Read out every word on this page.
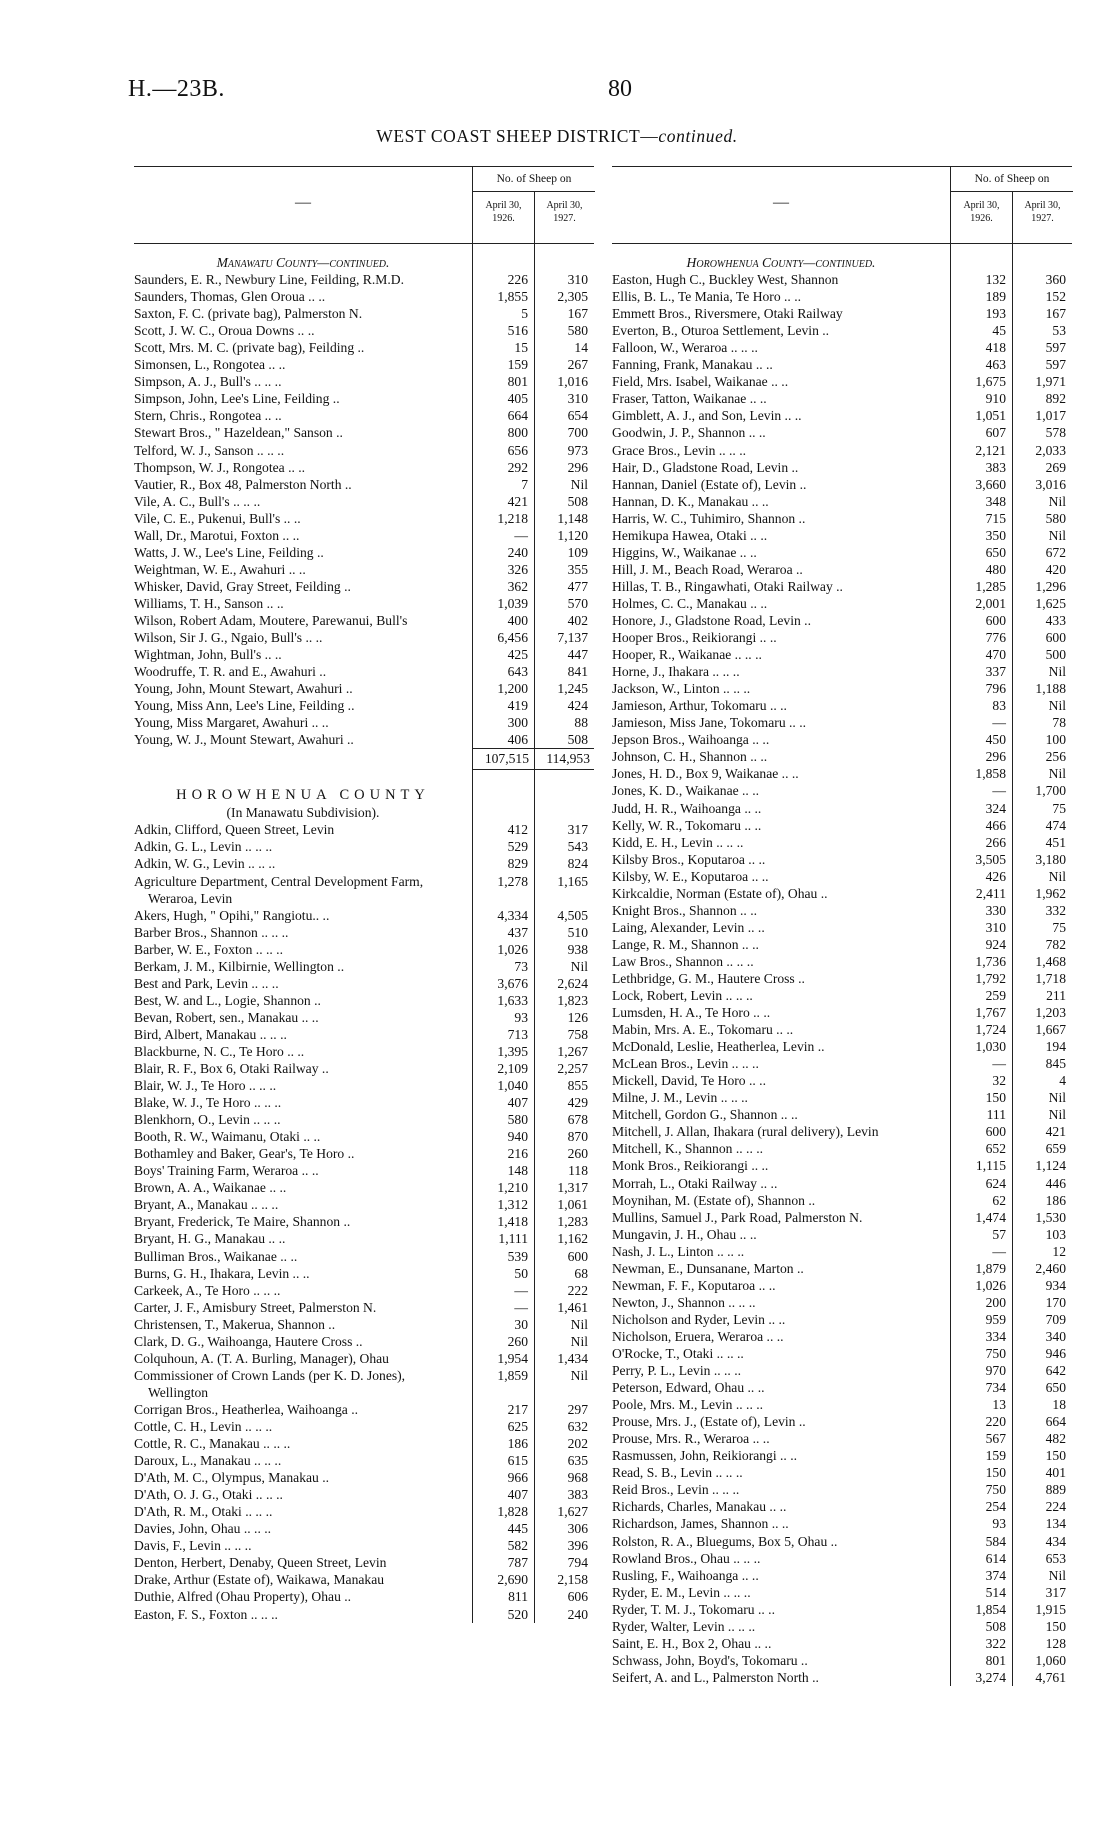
H.—23B.	80
WEST COAST SHEEP DISTRICT—continued.
—
No. of Sheep on
April 30, 1926.
April 30, 1927.
Manawatu County—continued.
Saunders, E. R., Newbury Line, Feilding, R.M.D.	226	310
Saunders, Thomas, Glen Oroua .. ..	1,855	2,305
Saxton, F. C. (private bag), Palmerston N.	5	167
Scott, J. W. C., Oroua Downs .. ..	516	580
Scott, Mrs. M. C. (private bag), Feilding ..	15	14
Simonsen, L., Rongotea .. ..	159	267
Simpson, A. J., Bull's .. .. ..	801	1,016
Simpson, John, Lee's Line, Feilding ..	405	310
Stern, Chris., Rongotea .. ..	664	654
Stewart Bros., " Hazeldean," Sanson ..	800	700
Telford, W. J., Sanson .. .. ..	656	973
Thompson, W. J., Rongotea .. ..	292	296
Vautier, R., Box 48, Palmerston North ..	7	Nil
Vile, A. C., Bull's .. .. ..	421	508
Vile, C. E., Pukenui, Bull's .. ..	1,218	1,148
Wall, Dr., Marotui, Foxton .. ..	—	1,120
Watts, J. W., Lee's Line, Feilding ..	240	109
Weightman, W. E., Awahuri .. ..	326	355
Whisker, David, Gray Street, Feilding ..	362	477
Williams, T. H., Sanson .. ..	1,039	570
Wilson, Robert Adam, Moutere, Parewanui, Bull's	400	402
Wilson, Sir J. G., Ngaio, Bull's .. ..	6,456	7,137
Wightman, John, Bull's .. ..	425	447
Woodruffe, T. R. and E., Awahuri ..	643	841
Young, John, Mount Stewart, Awahuri ..	1,200	1,245
Young, Miss Ann, Lee's Line, Feilding ..	419	424
Young, Miss Margaret, Awahuri .. ..	300	88
Young, W. J., Mount Stewart, Awahuri ..	406	508
107,515	114,953
HOROWHENUA COUNTY
(In Manawatu Subdivision).
Adkin, Clifford, Queen Street, Levin	412	317
Adkin, G. L., Levin .. .. ..	529	543
Adkin, W. G., Levin .. .. ..	829	824
Agriculture Department, Central Development Farm, Weraroa, Levin
1,278	1,165
Akers, Hugh, " Opihi," Rangiotu.. ..	4,334	4,505
Barber Bros., Shannon .. .. ..	437	510
Barber, W. E., Foxton .. .. ..	1,026	938
Berkam, J. M., Kilbirnie, Wellington ..	73	Nil
Best and Park, Levin .. .. ..	3,676	2,624
Best, W. and L., Logie, Shannon ..	1,633	1,823
Bevan, Robert, sen., Manakau .. ..	93	126
Bird, Albert, Manakau .. .. ..	713	758
Blackburne, N. C., Te Horo .. ..	1,395	1,267
Blair, R. F., Box 6, Otaki Railway ..	2,109	2,257
Blair, W. J., Te Horo .. .. ..	1,040	855
Blake, W. J., Te Horo .. .. ..	407	429
Blenkhorn, O., Levin .. .. ..	580	678
Booth, R. W., Waimanu, Otaki .. ..	940	870
Bothamley and Baker, Gear's, Te Horo ..	216	260
Boys' Training Farm, Weraroa .. ..	148	118
Brown, A. A., Waikanae .. ..	1,210	1,317
Bryant, A., Manakau .. .. ..	1,312	1,061
Bryant, Frederick, Te Maire, Shannon ..	1,418	1,283
Bryant, H. G., Manakau .. ..	1,111	1,162
Bulliman Bros., Waikanae .. ..	539	600
Burns, G. H., Ihakara, Levin .. ..	50	68
Carkeek, A., Te Horo .. .. ..	—	222
Carter, J. F., Amisbury Street, Palmerston N.	—	1,461
Christensen, T., Makerua, Shannon ..	30	Nil
Clark, D. G., Waihoanga, Hautere Cross ..	260	Nil
Colquhoun, A. (T. A. Burling, Manager), Ohau	1,954	1,434
Commissioner of Crown Lands (per K. D. Jones), Wellington
1,859	Nil
Corrigan Bros., Heatherlea, Waihoanga ..	217	297
Cottle, C. H., Levin .. .. ..	625	632
Cottle, R. C., Manakau .. .. ..	186	202
Daroux, L., Manakau .. .. ..	615	635
D'Ath, M. C., Olympus, Manakau ..	966	968
D'Ath, O. J. G., Otaki .. .. ..	407	383
D'Ath, R. M., Otaki .. .. ..	1,828	1,627
Davies, John, Ohau .. .. ..	445	306
Davis, F., Levin .. .. ..	582	396
Denton, Herbert, Denaby, Queen Street, Levin	787	794
Drake, Arthur (Estate of), Waikawa, Manakau	2,690	2,158
Duthie, Alfred (Ohau Property), Ohau ..	811	606
Easton, F. S., Foxton .. .. ..	520	240
—
No. of Sheep on
April 30, 1926.
April 30, 1927.
Horowhenua County—continued.
Easton, Hugh C., Buckley West, Shannon	132	360
Ellis, B. L., Te Mania, Te Horo .. ..	189	152
Emmett Bros., Riversmere, Otaki Railway	193	167
Everton, B., Oturoa Settlement, Levin ..	45	53
Falloon, W., Weraroa .. .. ..	418	597
Fanning, Frank, Manakau .. ..	463	597
Field, Mrs. Isabel, Waikanae .. ..	1,675	1,971
Fraser, Tatton, Waikanae .. ..	910	892
Gimblett, A. J., and Son, Levin .. ..	1,051	1,017
Goodwin, J. P., Shannon .. ..	607	578
Grace Bros., Levin .. .. ..	2,121	2,033
Hair, D., Gladstone Road, Levin ..	383	269
Hannan, Daniel (Estate of), Levin ..	3,660	3,016
Hannan, D. K., Manakau .. ..	348	Nil
Harris, W. C., Tuhimiro, Shannon ..	715	580
Hemikupa Hawea, Otaki .. ..	350	Nil
Higgins, W., Waikanae .. ..	650	672
Hill, J. M., Beach Road, Weraroa ..	480	420
Hillas, T. B., Ringawhati, Otaki Railway ..	1,285	1,296
Holmes, C. C., Manakau .. ..	2,001	1,625
Honore, J., Gladstone Road, Levin ..	600	433
Hooper Bros., Reikiorangi .. ..	776	600
Hooper, R., Waikanae .. .. ..	470	500
Horne, J., Ihakara .. .. ..	337	Nil
Jackson, W., Linton .. .. ..	796	1,188
Jamieson, Arthur, Tokomaru .. ..	83	Nil
Jamieson, Miss Jane, Tokomaru .. ..	—	78
Jepson Bros., Waihoanga .. ..	450	100
Johnson, C. H., Shannon .. ..	296	256
Jones, H. D., Box 9, Waikanae .. ..	1,858	Nil
Jones, K. D., Waikanae .. ..	—	1,700
Judd, H. R., Waihoanga .. ..	324	75
Kelly, W. R., Tokomaru .. ..	466	474
Kidd, E. H., Levin .. .. ..	266	451
Kilsby Bros., Koputaroa .. ..	3,505	3,180
Kilsby, W. E., Koputaroa .. ..	426	Nil
Kirkcaldie, Norman (Estate of), Ohau ..	2,411	1,962
Knight Bros., Shannon .. ..	330	332
Laing, Alexander, Levin .. ..	310	75
Lange, R. M., Shannon .. ..	924	782
Law Bros., Shannon .. .. ..	1,736	1,468
Lethbridge, G. M., Hautere Cross ..	1,792	1,718
Lock, Robert, Levin .. .. ..	259	211
Lumsden, H. A., Te Horo .. ..	1,767	1,203
Mabin, Mrs. A. E., Tokomaru .. ..	1,724	1,667
McDonald, Leslie, Heatherlea, Levin ..	1,030	194
McLean Bros., Levin .. .. ..	—	845
Mickell, David, Te Horo .. ..	32	4
Milne, J. M., Levin .. .. ..	150	Nil
Mitchell, Gordon G., Shannon .. ..	111	Nil
Mitchell, J. Allan, Ihakara (rural delivery), Levin	600	421
Mitchell, K., Shannon .. .. ..	652	659
Monk Bros., Reikiorangi .. ..	1,115	1,124
Morrah, L., Otaki Railway .. ..	624	446
Moynihan, M. (Estate of), Shannon ..	62	186
Mullins, Samuel J., Park Road, Palmerston N.	1,474	1,530
Mungavin, J. H., Ohau .. ..	57	103
Nash, J. L., Linton .. .. ..	—	12
Newman, E., Dunsanane, Marton ..	1,879	2,460
Newman, F. F., Koputaroa .. ..	1,026	934
Newton, J., Shannon .. .. ..	200	170
Nicholson and Ryder, Levin .. ..	959	709
Nicholson, Eruera, Weraroa .. ..	334	340
O'Rocke, T., Otaki .. .. ..	750	946
Perry, P. L., Levin .. .. ..	970	642
Peterson, Edward, Ohau .. ..	734	650
Poole, Mrs. M., Levin .. .. ..	13	18
Prouse, Mrs. J., (Estate of), Levin ..	220	664
Prouse, Mrs. R., Weraroa .. ..	567	482
Rasmussen, John, Reikiorangi .. ..	159	150
Read, S. B., Levin .. .. ..	150	401
Reid Bros., Levin .. .. ..	750	889
Richards, Charles, Manakau .. ..	254	224
Richardson, James, Shannon .. ..	93	134
Rolston, R. A., Bluegums, Box 5, Ohau ..	584	434
Rowland Bros., Ohau .. .. ..	614	653
Rusling, F., Waihoanga .. ..	374	Nil
Ryder, E. M., Levin .. .. ..	514	317
Ryder, T. M. J., Tokomaru .. ..	1,854	1,915
Ryder, Walter, Levin .. .. ..	508	150
Saint, E. H., Box 2, Ohau .. ..	322	128
Schwass, John, Boyd's, Tokomaru ..	801	1,060
Seifert, A. and L., Palmerston North ..	3,274	4,761
